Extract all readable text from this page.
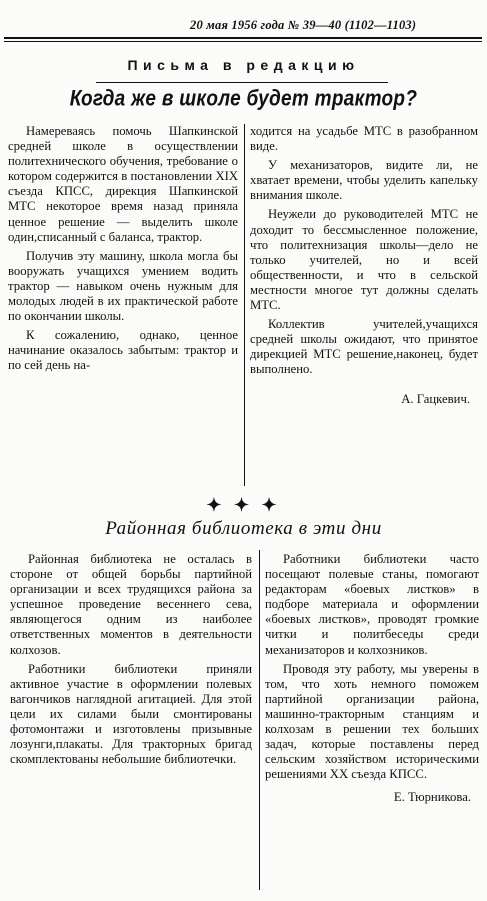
20 мая 1956 года № 39—40 (1102—1103)
Письма в редакцию
Когда же в школе будет трактор?

Намереваясь помочь Шапкинской средней школе в осуществлении политехнического обучения, требование о котором содержится в постановлении XIX съезда КПСС, дирекция Шапкинской МТС некоторое время назад приняла ценное решение — выделить школе один,списанный с баланса, трактор.

Получив эту машину, школа могла бы вооружать учащихся умением водить трактор — навыком очень нужным для молодых людей в их практической работе по окончании школы.

К сожалению, однако, ценное начинание оказалось забытым: трактор и по сей день на-

ходится на усадьбе МТС в разобранном виде.

У механизаторов, видите ли, не хватает времени, чтобы уделить капельку внимания школе.

Неужели до руководителей МТС не доходит то бессмысленное положение, что политехнизация школы—дело не только учителей, но и всей общественности, и что в сельской местности многое тут должны сделать МТС.

Коллектив учителей,учащихся средней школы ожидают, что принятое дирекцией МТС решение,наконец, будет выполнено.

А. Гацкевич.

✦ ✦ ✦
Районная библиотека в эти дни

Районная библиотека не осталась в стороне от общей борьбы партийной организации и всех трудящихся района за успешное проведение весеннего сева, являющегося одним из наиболее ответственных моментов в деятельности колхозов.

Работники библиотеки приняли активное участие в оформлении полевых вагончиков наглядной агитацией. Для этой цели их силами были смонтированы фотомонтажи и изготовлены призывные лозунги,плакаты. Для тракторных бригад скомплектованы небольшие библиотечки.

Работники библиотеки часто посещают полевые станы, помогают редакторам «боевых листков» в подборе материала и оформлении «боевых листков», проводят громкие читки и политбеседы среди механизаторов и колхозников.

Проводя эту работу, мы уверены в том, что хоть немного поможем партийной организации района, машинно-тракторным станциям и колхозам в решении тех больших задач, которые поставлены перед сельским хозяйством историческими решениями XX съезда КПСС.

Е. Тюрникова.
